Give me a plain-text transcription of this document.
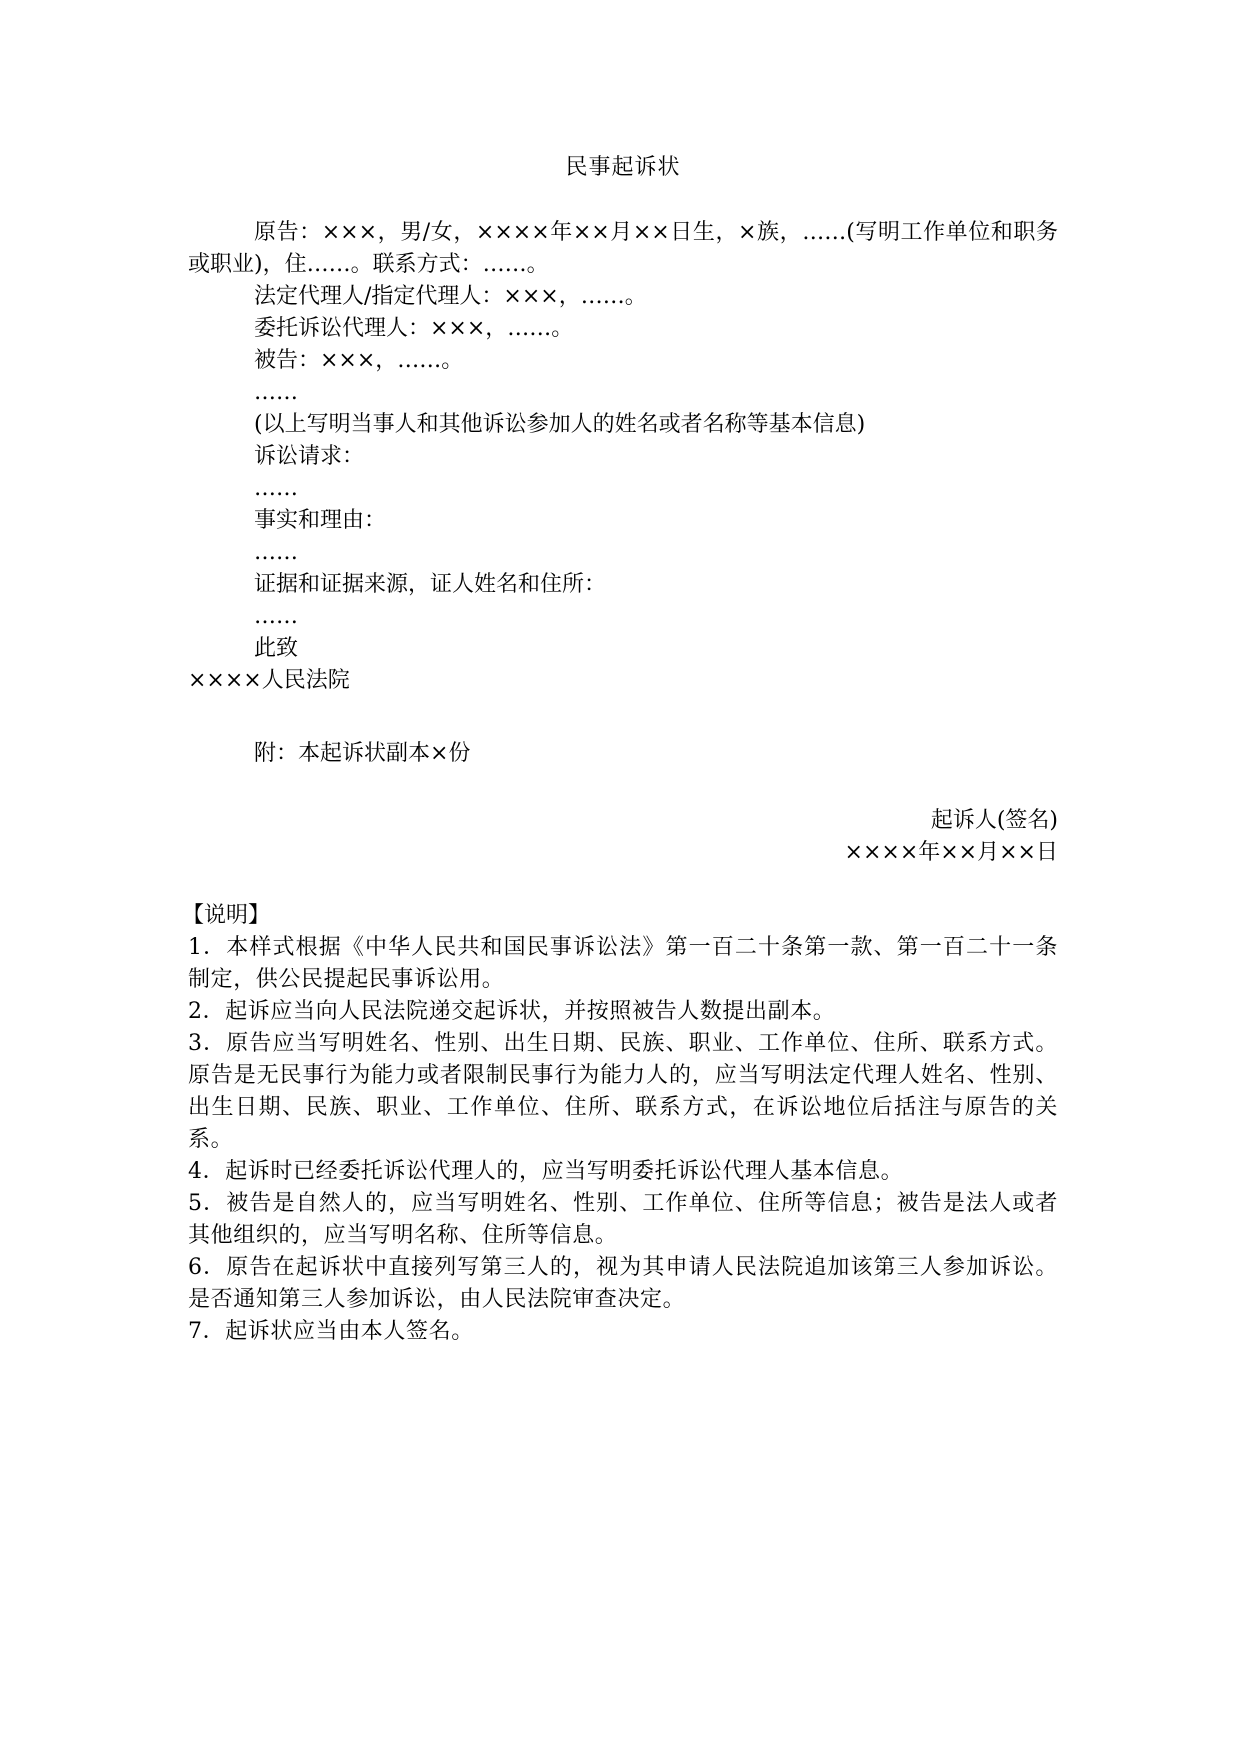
民事起诉状

原告：×××，男/女，××××年××月××日生，×族，……(写明工作单位和职务或职业)，住……。联系方式：……。

法定代理人/指定代理人：×××，……。

委托诉讼代理人：×××，……。

被告：×××，……。

……

(以上写明当事人和其他诉讼参加人的姓名或者名称等基本信息)

诉讼请求：

……

事实和理由：

……

证据和证据来源，证人姓名和住所：

……

此致

××××人民法院

附：本起诉状副本×份

起诉人(签名)

××××年××月××日

【说明】

1．本样式根据《中华人民共和国民事诉讼法》第一百二十条第一款、第一百二十一条制定，供公民提起民事诉讼用。

2．起诉应当向人民法院递交起诉状，并按照被告人数提出副本。

3．原告应当写明姓名、性别、出生日期、民族、职业、工作单位、住所、联系方式。原告是无民事行为能力或者限制民事行为能力人的，应当写明法定代理人姓名、性别、出生日期、民族、职业、工作单位、住所、联系方式，在诉讼地位后括注与原告的关系。

4．起诉时已经委托诉讼代理人的，应当写明委托诉讼代理人基本信息。

5．被告是自然人的，应当写明姓名、性别、工作单位、住所等信息；被告是法人或者其他组织的，应当写明名称、住所等信息。

6．原告在起诉状中直接列写第三人的，视为其申请人民法院追加该第三人参加诉讼。是否通知第三人参加诉讼，由人民法院审查决定。

7．起诉状应当由本人签名。
